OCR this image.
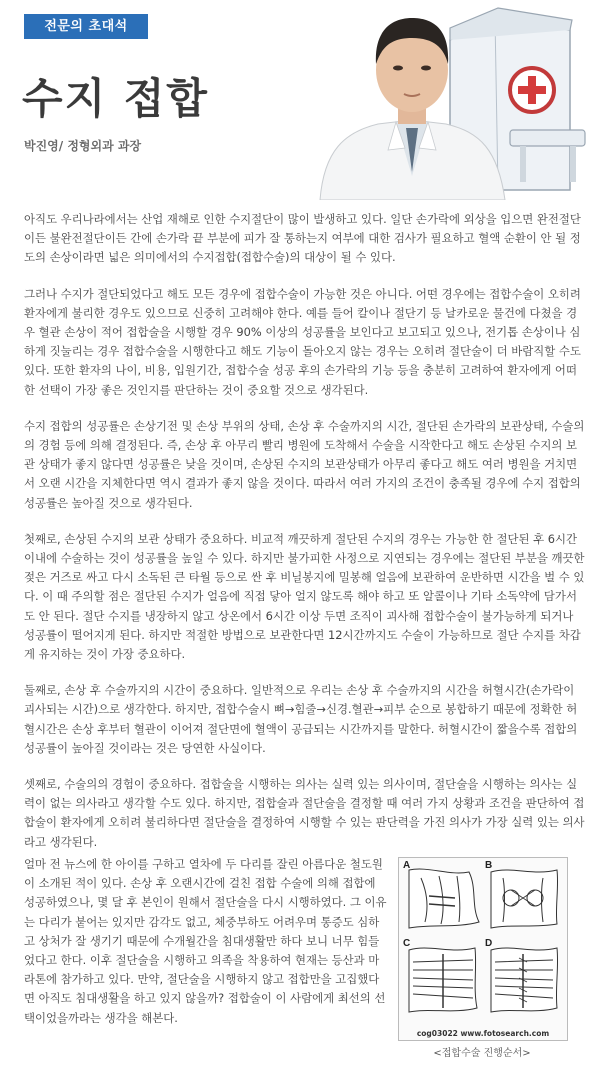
전문의 초대석
수지 접합
박진영/ 정형외과 과장

아직도 우리나라에서는 산업 재해로 인한 수지절단이 많이 발생하고 있다. 일단 손가락에 외상을 입으면 완전절단이든 불완전절단이든 간에 손가락 끝 부분에 피가 잘 통하는지 여부에 대한 검사가 필요하고 혈액 순환이 안 될 정도의 손상이라면 넓은 의미에서의 수지접합(접합수술)의 대상이 될 수 있다.

그러나 수지가 절단되었다고 해도 모든 경우에 접합수술이 가능한 것은 아니다. 어떤 경우에는 접합수술이 오히려 환자에게 불리한 경우도 있으므로 신중히 고려해야 한다. 예를 들어 칼이나 절단기 등 날카로운 물건에 다쳤을 경우 혈관 손상이 적어 접합술을 시행할 경우 90% 이상의 성공률을 보인다고 보고되고 있으나, 전기톱 손상이나 심하게 짓눌리는 경우 접합수술을 시행한다고 해도 기능이 돌아오지 않는 경우는 오히려 절단술이 더 바람직할 수도 있다. 또한 환자의 나이, 비용, 입원기간, 접합수술 성공 후의 손가락의 기능 등을 충분히 고려하여 환자에게 어떠한 선택이 가장 좋은 것인지를 판단하는 것이 중요할 것으로 생각된다.

수지 접합의 성공률은 손상기전 및 손상 부위의 상태, 손상 후 수술까지의 시간, 절단된 손가락의 보관상태, 수술의의 경험 등에 의해 결정된다. 즉, 손상 후 아무리 빨리 병원에 도착해서 수술을 시작한다고 해도 손상된 수지의 보관 상태가 좋지 않다면 성공률은 낮을 것이며, 손상된 수지의 보관상태가 아무리 좋다고 해도 여러 병원을 거치면서 오랜 시간을 지체한다면 역시 결과가 좋지 않을 것이다. 따라서 여러 가지의 조건이 충족될 경우에 수지 접합의 성공률은 높아질 것으로 생각된다.

첫째로, 손상된 수지의 보관 상태가 중요하다. 비교적 깨끗하게 절단된 수지의 경우는 가능한 한 절단된 후 6시간 이내에 수술하는 것이 성공률을 높일 수 있다. 하지만 불가피한 사정으로 지연되는 경우에는 절단된 부분을 깨끗한 젖은 거즈로 싸고 다시 소독된 큰 타월 등으로 싼 후 비닐봉지에 밀봉해 얼음에 보관하여 운반하면 시간을 벌 수 있다. 이 때 주의할 점은 절단된 수지가 얼음에 직접 닿아 얼지 않도록 해야 하고 또 알콜이나 기타 소독약에 담가서도 안 된다. 절단 수지를 냉장하지 않고 상온에서 6시간 이상 두면 조직이 괴사해 접합수술이 불가능하게 되거나 성공률이 떨어지게 된다. 하지만 적절한 방법으로 보관한다면 12시간까지도 수술이 가능하므로 절단 수지를 차갑게 유지하는 것이 가장 중요하다.

둘째로, 손상 후 수술까지의 시간이 중요하다. 일반적으로 우리는 손상 후 수술까지의 시간을 허혈시간(손가락이 괴사되는 시간)으로 생각한다. 하지만, 접합수술시 뼈→힘줄→신경.혈관→피부 순으로 봉합하기 때문에 정확한 허혈시간은 손상 후부터 혈관이 이어져 절단면에 혈액이 공급되는 시간까지를 말한다. 허혈시간이 짧을수록 접합의 성공률이 높아질 것이라는 것은 당연한 사실이다.

셋째로, 수술의의 경험이 중요하다. 접합술을 시행하는 의사는 실력 있는 의사이며, 절단술을 시행하는 의사는 실력이 없는 의사라고 생각할 수도 있다. 하지만, 접합술과 절단술을 결정할 때 여러 가지 상황과 조건을 판단하여 접합술이 환자에게 오히려 불리하다면 절단술을 결정하여 시행할 수 있는 판단력을 가진 의사가 가장 실력 있는 의사라고 생각된다.

얼마 전 뉴스에 한 아이를 구하고 열차에 두 다리를 잘린 아름다운 철도원이 소개된 적이 있다. 손상 후 오랜시간에 걸친 접합 수술에 의해 접합에 성공하였으나, 몇 달 후 본인이 원해서 절단술을 다시 시행하였다. 그 이유는 다리가 붙어는 있지만 감각도 없고, 체중부하도 어려우며 통증도 심하고 상처가 잘 생기기 때문에 수개월간을 침대생활만 하다 보니 너무 힘들었다고 한다. 이후 절단술을 시행하고 의족을 착용하여 현재는 등산과 마라톤에 참가하고 있다. 만약, 절단술을 시행하지 않고 접합만을 고집했다면 아직도 침대생활을 하고 있지 않을까? 접합술이 이 사람에게 최선의 선택이었을까라는 생각을 해본다.

A	B
C	D
cog03022 www.fotosearch.com
<접합수술 진행순서>
